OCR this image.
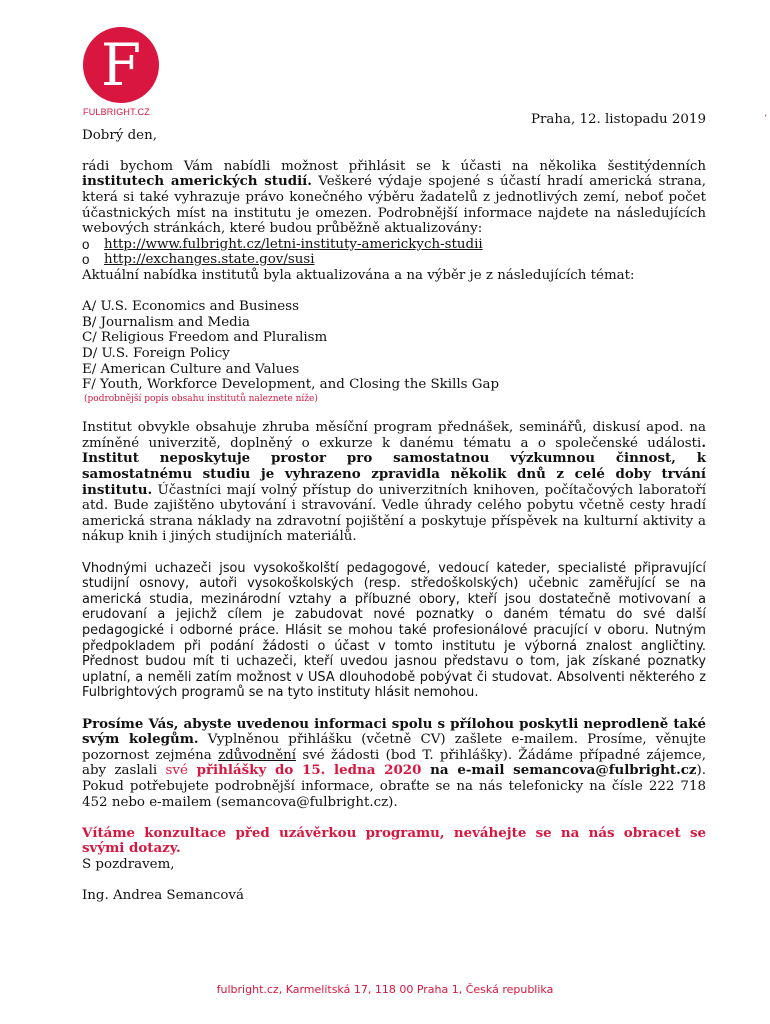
F
FULBRIGHT.CZ
‘
Praha, 12. listopadu 2019

Dobrý den,

rádi bychom Vám nabídli možnost přihlásit se k účasti na několika šestitýdenních institutech amerických studií. Veškeré výdaje spojené s účastí hradí americká strana, která si také vyhrazuje právo konečného výběru žadatelů z jednotlivých zemí, neboť počet účastnických míst na institutu je omezen. Podrobnější informace najdete na následujících webových stránkách, které budou průběžně aktualizovány:

o http://www.fulbright.cz/letni-instituty-americkych-studii
o http://exchanges.state.gov/susi

Aktuální nabídka institutů byla aktualizována a na výběr je z následujících témat:

A/ U.S. Economics and Business
B/ Journalism and Media
C/ Religious Freedom and Pluralism
D/ U.S. Foreign Policy
E/ American Culture and Values
F/ Youth, Workforce Development, and Closing the Skills Gap
(podrobnější popis obsahu institutů naleznete níže)

Institut obvykle obsahuje zhruba měsíční program přednášek, seminářů, diskusí apod. na zmíněné univerzitě, doplněný o exkurze k danému tématu a o společenské události. Institut neposkytuje prostor pro samostatnou výzkumnou činnost, k samostatnému studiu je vyhrazeno zpravidla několik dnů z celé doby trvání institutu. Účastníci mají volný přístup do univerzitních knihoven, počítačových laboratoří atd. Bude zajištěno ubytování i stravování. Vedle úhrady celého pobytu včetně cesty hradí americká strana náklady na zdravotní pojištění a poskytuje příspěvek na kulturní aktivity a nákup knih i jiných studijních materiálů.

Vhodnými uchazeči jsou vysokoškolští pedagogové, vedoucí kateder, specialisté připravující studijní osnovy, autoři vysokoškolských (resp. středoškolských) učebnic zaměřující se na americká studia, mezinárodní vztahy a příbuzné obory, kteří jsou dostatečně motivovaní a erudovaní a jejichž cílem je zabudovat nové poznatky o daném tématu do své další pedagogické i odborné práce. Hlásit se mohou také profesionálové pracující v oboru. Nutným předpokladem při podání žádosti o účast v tomto institutu je výborná znalost angličtiny. Přednost budou mít ti uchazeči, kteří uvedou jasnou představu o tom, jak získané poznatky uplatní, a neměli zatím možnost v USA dlouhodobě pobývat či studovat. Absolventi některého z Fulbrightových programů se na tyto instituty hlásit nemohou.

Prosíme Vás, abyste uvedenou informaci spolu s přílohou poskytli neprodleně také svým kolegům. Vyplněnou přihlášku (včetně CV) zašlete e-mailem. Prosíme, věnujte pozornost zejména zdůvodnění své žádosti (bod T. přihlášky). Žádáme případné zájemce, aby zaslali své přihlášky do 15. ledna 2020 na e-mail semancova@fulbright.cz). Pokud potřebujete podrobnější informace, obraťte se na nás telefonicky na čísle 222 718 452 nebo e-mailem (semancova@fulbright.cz).

Vítáme konzultace před uzávěrkou programu, neváhejte se na nás obracet se svými dotazy.

S pozdravem,

Ing. Andrea Semancová

fulbright.cz, Karmelitská 17, 118 00 Praha 1, Česká republika
